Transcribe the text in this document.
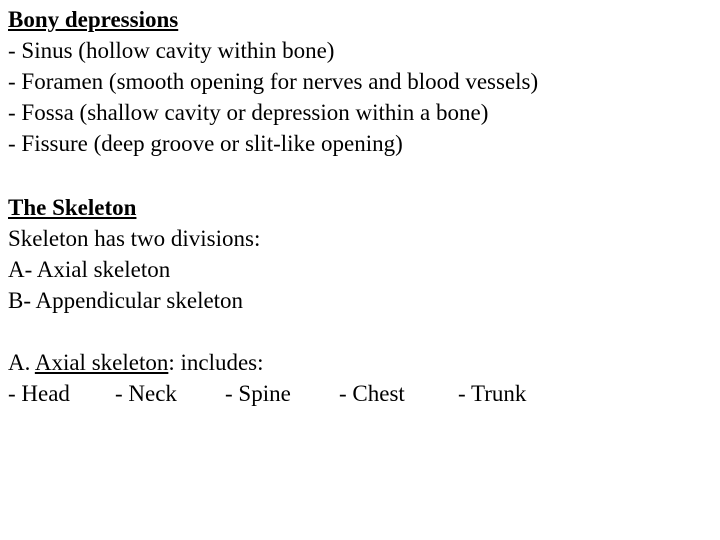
Bony depressions
- Sinus (hollow cavity within bone)
- Foramen (smooth opening for nerves and blood vessels)
- Fossa (shallow cavity or depression within a bone)
- Fissure (deep groove or slit-like opening)
The Skeleton
Skeleton has two divisions:
A- Axial skeleton
B- Appendicular skeleton
A. Axial skeleton: includes:
- Head - Neck - Spine - Chest - Trunk
